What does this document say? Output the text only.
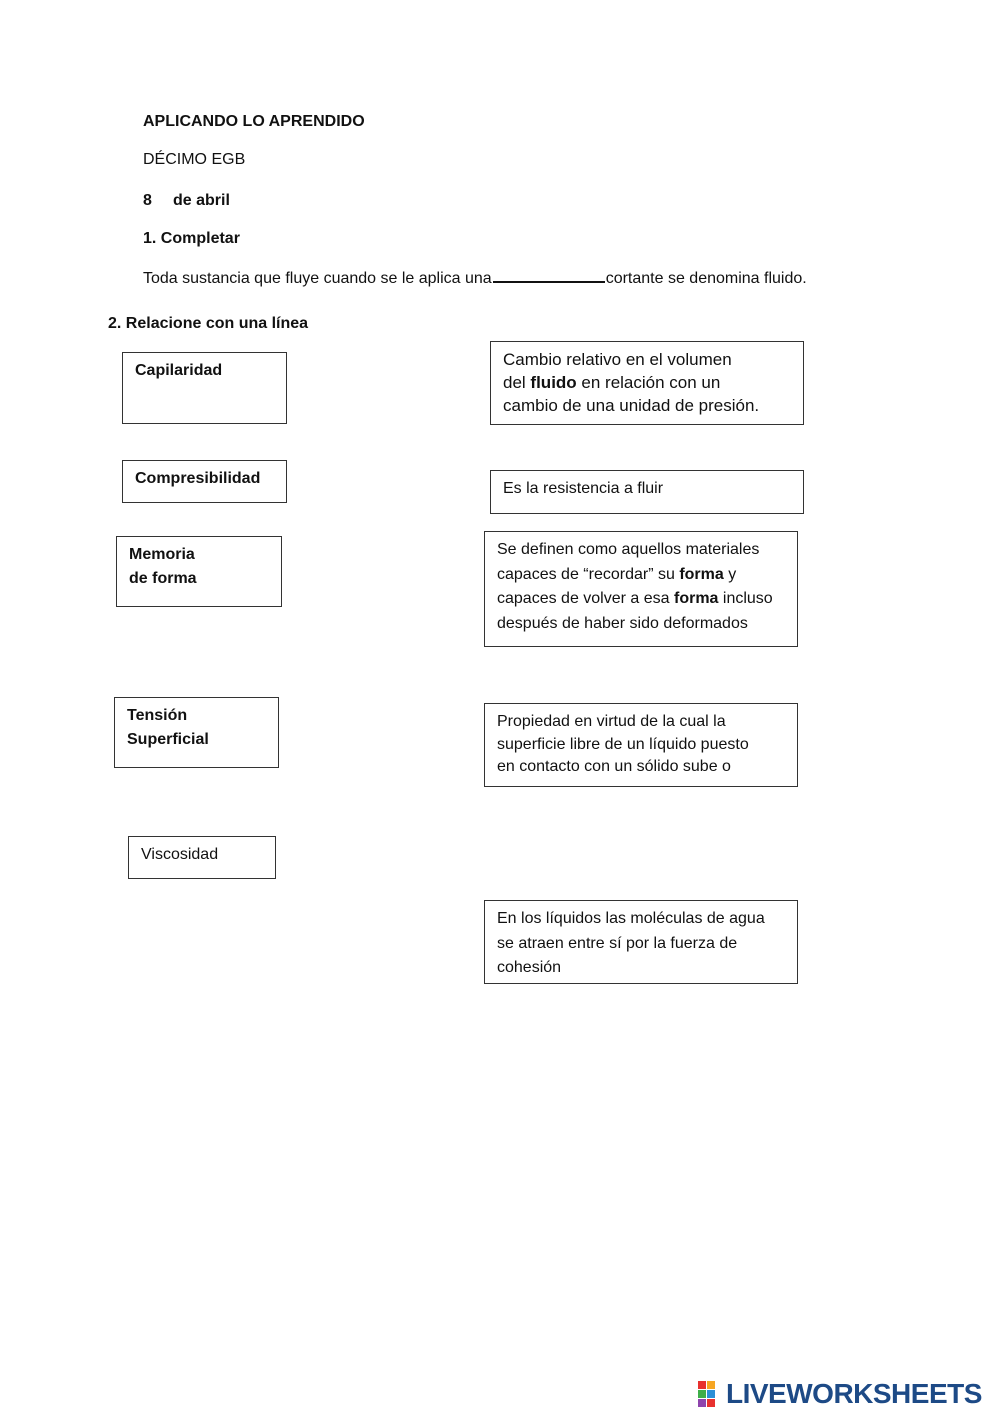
APLICANDO LO APRENDIDO
DÉCIMO EGB
8 de abril
1. Completar
Toda sustancia que fluye cuando se le aplica una	cortante se denomina fluido.
2. Relacione con una línea
Capilaridad
Compresibilidad
Memoria
de forma
Tensión
Superficial
Viscosidad
Cambio relativo en el volumen
del fluido en relación con un
cambio de una unidad de presión.
Es la resistencia a fluir
Se definen como aquellos materiales
capaces de “recordar” su forma y
capaces de volver a esa forma incluso
después de haber sido deformados
Propiedad en virtud de la cual la
superficie libre de un líquido puesto
en contacto con un sólido sube o
En los líquidos las moléculas de agua
se atraen entre sí por la fuerza de
cohesión
LIVEWORKSHEETS
